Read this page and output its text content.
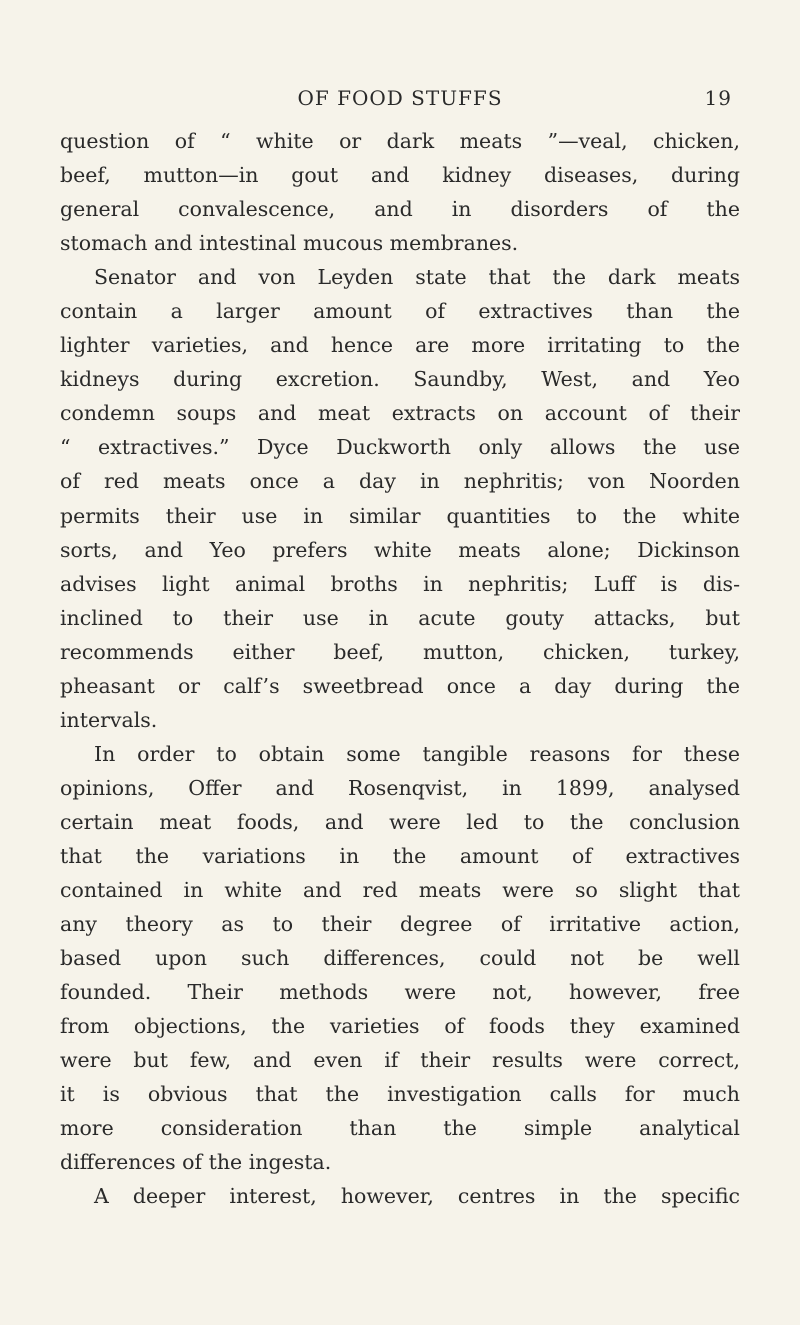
OF FOOD STUFFS	19
question of “ white or dark meats ”—veal, chicken,
beef, mutton—in gout and kidney diseases, during
general convalescence, and in disorders of the
stomach and intestinal mucous membranes.
Senator and von Leyden state that the dark meats
contain a larger amount of extractives than the
lighter varieties, and hence are more irritating to the
kidneys during excretion. Saundby, West, and Yeo
condemn soups and meat extracts on account of their
“ extractives.” Dyce Duckworth only allows the use
of red meats once a day in nephritis; von Noorden
permits their use in similar quantities to the white
sorts, and Yeo prefers white meats alone; Dickinson
advises light animal broths in nephritis; Luff is dis-
inclined to their use in acute gouty attacks, but
recommends either beef, mutton, chicken, turkey,
pheasant or calf’s sweetbread once a day during the
intervals.
In order to obtain some tangible reasons for these
opinions, Offer and Rosenqvist, in 1899, analysed
certain meat foods, and were led to the conclusion
that the variations in the amount of extractives
contained in white and red meats were so slight that
any theory as to their degree of irritative action,
based upon such differences, could not be well
founded. Their methods were not, however, free
from objections, the varieties of foods they examined
were but few, and even if their results were correct,
it is obvious that the investigation calls for much
more consideration than the simple analytical
differences of the ingesta.
A deeper interest, however, centres in the specific
